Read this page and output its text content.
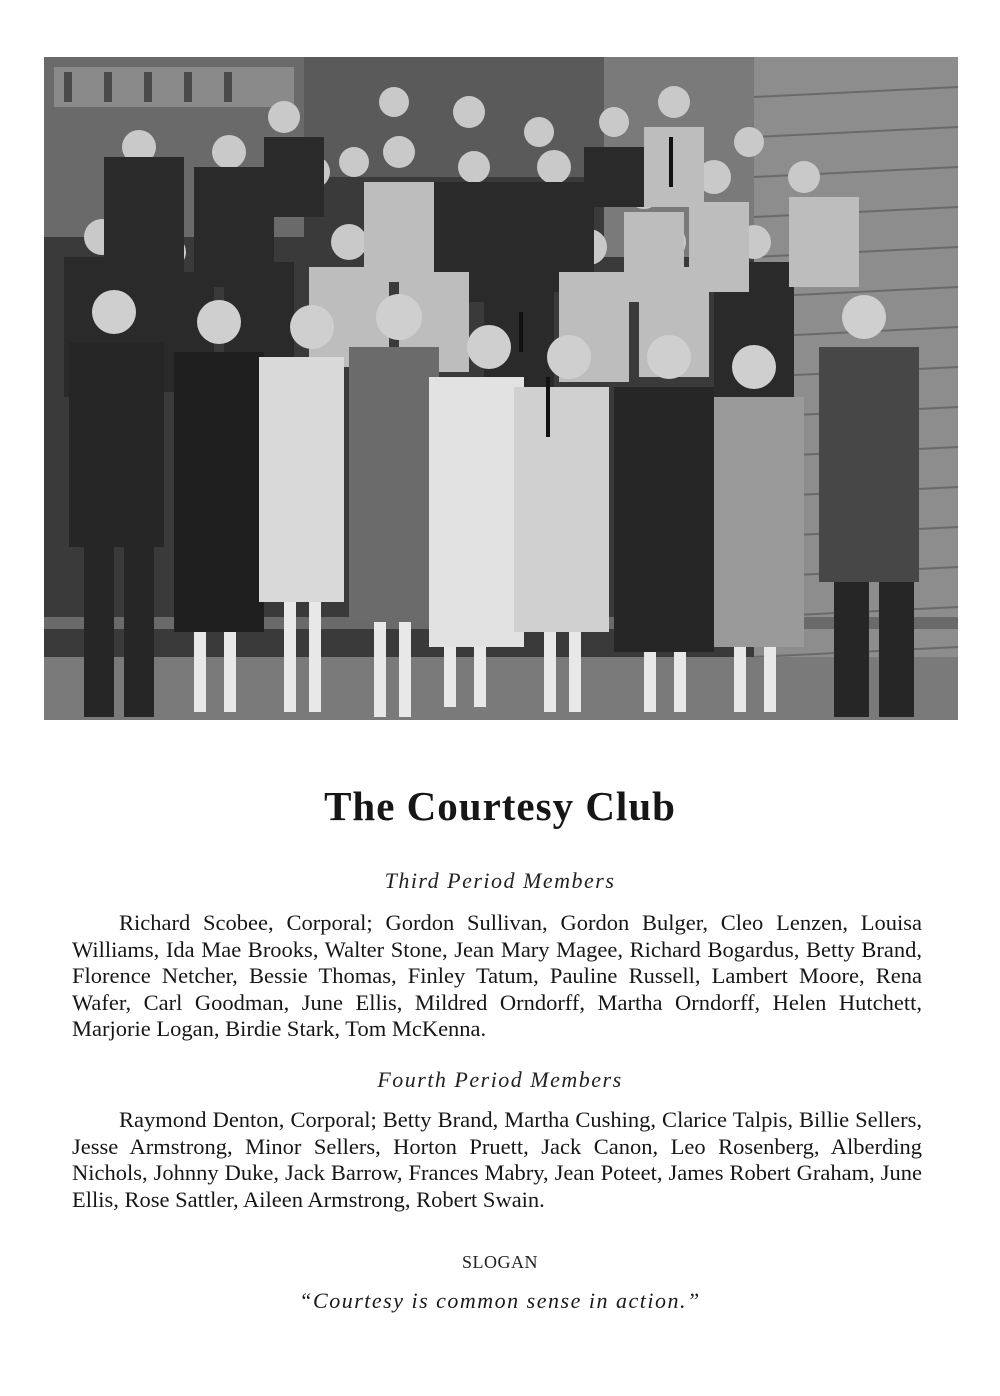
The Courtesy Club
Third Period Members
Richard Scobee, Corporal; Gordon Sullivan, Gordon Bulger, Cleo Lenzen, Louisa Williams, Ida Mae Brooks, Walter Stone, Jean Mary Magee, Richard Bogardus, Betty Brand, Florence Netcher, Bessie Thomas, Finley Tatum, Pauline Russell, Lambert Moore, Rena Wafer, Carl Goodman, June Ellis, Mildred Orndorff, Martha Orndorff, Helen Hutchett, Marjorie Logan, Birdie Stark, Tom McKenna.
Fourth Period Members
Raymond Denton, Corporal; Betty Brand, Martha Cushing, Clarice Talpis, Billie Sellers, Jesse Armstrong, Minor Sellers, Horton Pruett, Jack Canon, Leo Rosenberg, Alberding Nichols, Johnny Duke, Jack Barrow, Frances Mabry, Jean Poteet, James Robert Graham, June Ellis, Rose Sattler, Aileen Armstrong, Robert Swain.
SLOGAN
“Courtesy is common sense in action.”
